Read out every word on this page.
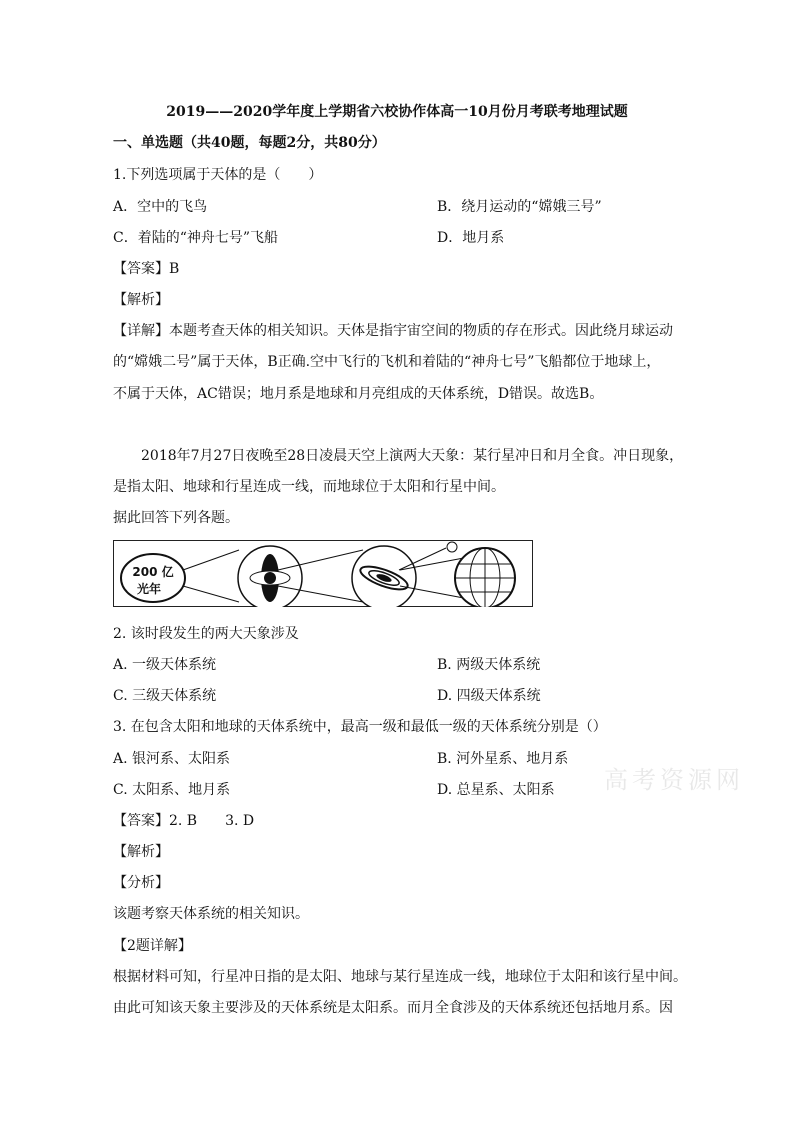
2019——2020学年度上学期省六校协作体高一10月份月考联考地理试题
一、单选题（共40题，每题2分，共80分）
1.下列选项属于天体的是（　　）
A．空中的飞鸟	B．绕月运动的“嫦娥三号”
C．着陆的“神舟七号”飞船	D．地月系
【答案】B
【解析】
【详解】本题考查天体的相关知识。天体是指宇宙空间的物质的存在形式。因此绕月球运动
的“嫦娥二号”属于天体，B正确.空中飞行的飞机和着陆的“神舟七号”飞船都位于地球上，
不属于天体，AC错误；地月系是地球和月亮组成的天体系统，D错误。故选B。
2018年7月27日夜晚至28日凌晨天空上演两大天象：某行星冲日和月全食。冲日现象，
是指太阳、地球和行星连成一线，而地球位于太阳和行星中间。
据此回答下列各题。
200 亿
光年
2. 该时段发生的两大天象涉及
A. 一级天体系统	B. 两级天体系统
C. 三级天体系统	D. 四级天体系统
3. 在包含太阳和地球的天体系统中，最高一级和最低一级的天体系统分别是（）
A. 银河系、太阳系	B. 河外星系、地月系
C. 太阳系、地月系	D. 总星系、太阳系 高考资源网
【答案】2. B　　3. D
【解析】
【分析】
该题考察天体系统的相关知识。
【2题详解】
根据材料可知，行星冲日指的是太阳、地球与某行星连成一线，地球位于太阳和该行星中间。
由此可知该天象主要涉及的天体系统是太阳系。而月全食涉及的天体系统还包括地月系。因
